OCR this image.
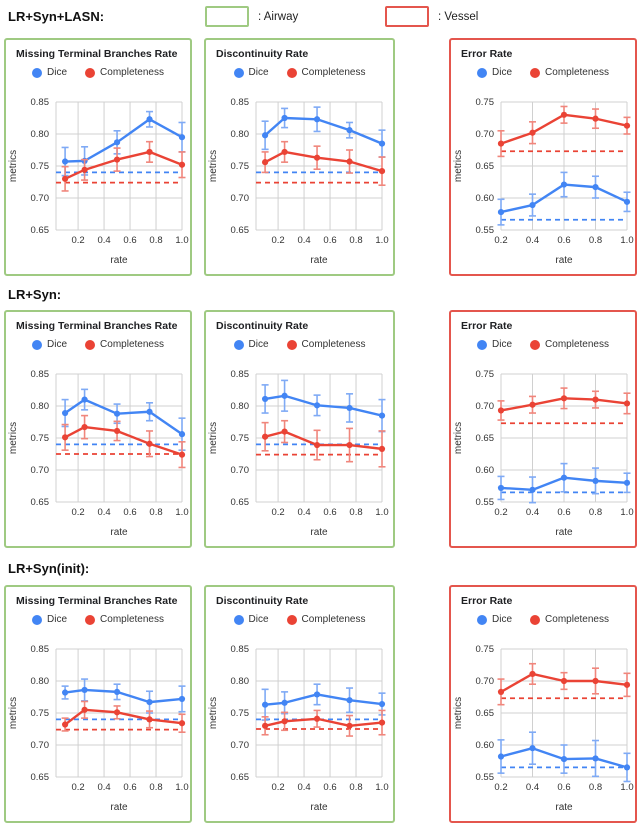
LR+Syn+LASN:	: Airway	: Vessel
Missing Terminal Branches Rate
Dice	Completeness
0.65
0.70
0.75
0.80
0.85
0.2 0.4 0.6 0.8 1.0
metrics
rate
Discontinuity Rate
Dice	Completeness
0.65
0.70
0.75
0.80
0.85
0.2 0.4 0.6 0.8 1.0
metrics
rate
Error Rate
Dice	Completeness
0.55
0.60
0.65
0.70
0.75
0.2 0.4 0.6 0.8 1.0
metrics
rate
LR+Syn:
Missing Terminal Branches Rate
Dice	Completeness
0.65
0.70
0.75
0.80
0.85
0.2 0.4 0.6 0.8 1.0
metrics
rate
Discontinuity Rate
Dice	Completeness
0.65
0.70
0.75
0.80
0.85
0.2 0.4 0.6 0.8 1.0
metrics
rate
Error Rate
Dice	Completeness
0.55
0.60
0.65
0.70
0.75
0.2 0.4 0.6 0.8 1.0
metrics
rate
LR+Syn(init):
Missing Terminal Branches Rate
Dice	Completeness
0.65
0.70
0.75
0.80
0.85
0.2 0.4 0.6 0.8 1.0
metrics
rate
Discontinuity Rate
Dice	Completeness
0.65
0.70
0.75
0.80
0.85
0.2 0.4 0.6 0.8 1.0
metrics
rate
Error Rate
Dice	Completeness
0.55
0.60
0.65
0.70
0.75
0.2 0.4 0.6 0.8 1.0
metrics
rate
